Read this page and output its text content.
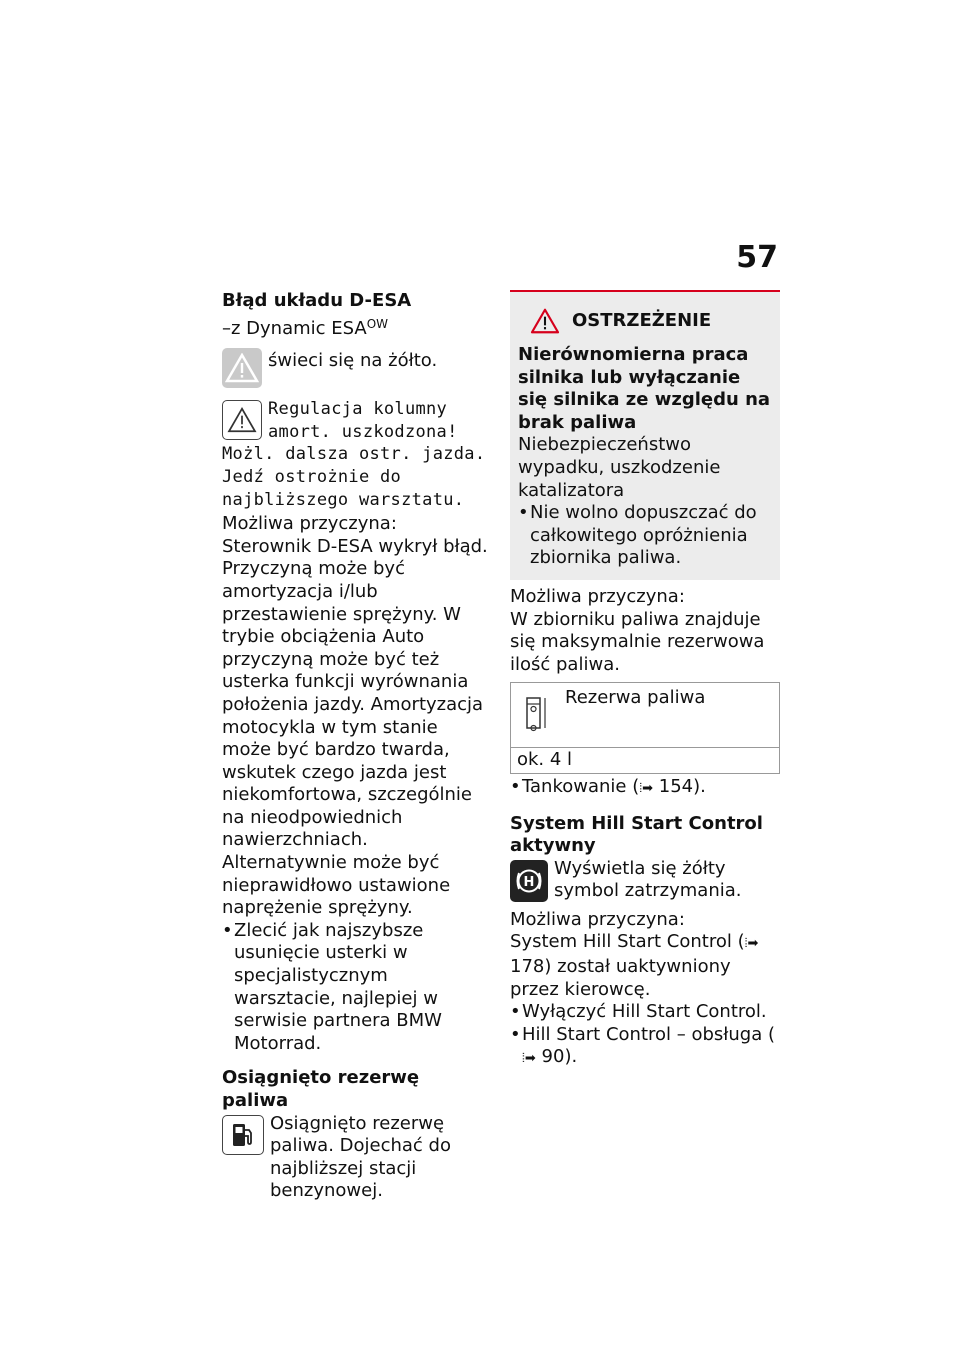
57
Błąd układu D-ESA
–z Dynamic $ESA^{OW}$
świeci się na żółto.
Regulacja kolumny
amort. uszkodzona!
Możl. dalsza ostr. jazda. Jedź ostrożnie do najbliższego warsztatu.
Możliwa przyczyna:
Sterownik D-ESA wykrył błąd. Przyczyną może być amortyzacja i/lub przestawienie sprężyny. W trybie obciążenia Auto przyczyną może być też usterka funkcji wyrównania położenia jazdy. Amortyzacja motocykla w tym stanie może być bardzo twarda, wskutek czego jazda jest niekomfortowa, szczególnie na nieodpowiednich nawierzchniach. Alternatywnie może być nieprawidłowo ustawione naprężenie sprężyny.
• Zlecić jak najszybsze usunięcie usterki w specjalistycznym warsztacie, najlepiej w serwisie partnera BMW Motorrad.
Osiągnięto rezerwę paliwa
Osiągnięto rezerwę paliwa. Dojechać do najbliższej stacji benzynowej.
OSTRZEŻENIE
Nierównomierna praca silnika lub wyłączanie się silnika ze względu na brak paliwa
Niebezpieczeństwo wypadku, uszkodzenie katalizatora
• Nie wolno dopuszczać do całkowitego opróżnienia zbiornika paliwa.
Możliwa przyczyna:
W zbiorniku paliwa znajduje się maksymalnie rezerwowa ilość paliwa.
Rezerwa paliwa
ok. 4 l
• Tankowanie (⦙➡ 154).
System Hill Start Control aktywny
H
Wyświetla się żółty symbol zatrzymania.
Możliwa przyczyna:
System Hill Start Control (⦙➡ 178) został uaktywniony przez kierowcę.
• Wyłączyć Hill Start Control.
• Hill Start Control – obsługa (⦙➡ 90).
